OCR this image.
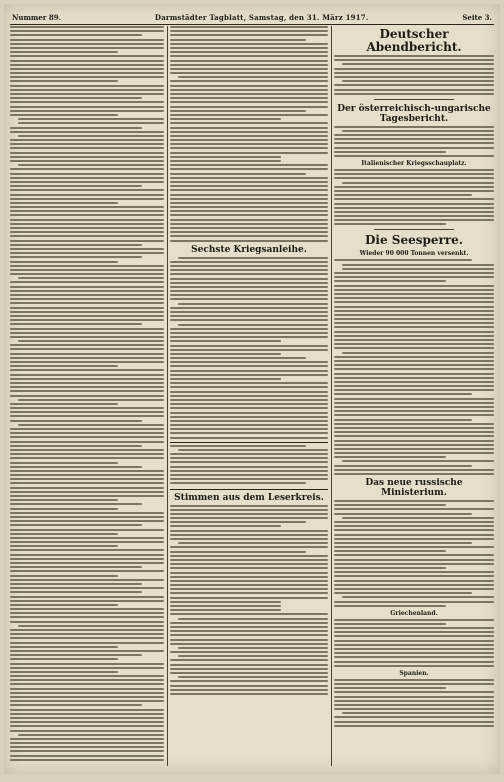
Nummer 89.	Darmstädter Tagblatt, Samstag, den 31. März 1917.	Seite 3.
Sechste Kriegsanleihe.
Stimmen aus dem Leserkreis.
Deutscher Abendbericht.
Der österreichisch-ungarische Tagesbericht.
Italienischer Kriegsschauplatz.
Die Seesperre.
Wieder 90 000 Tonnen versenkt.
Das neue russische Ministerium.
Griechenland.
Spanien.
